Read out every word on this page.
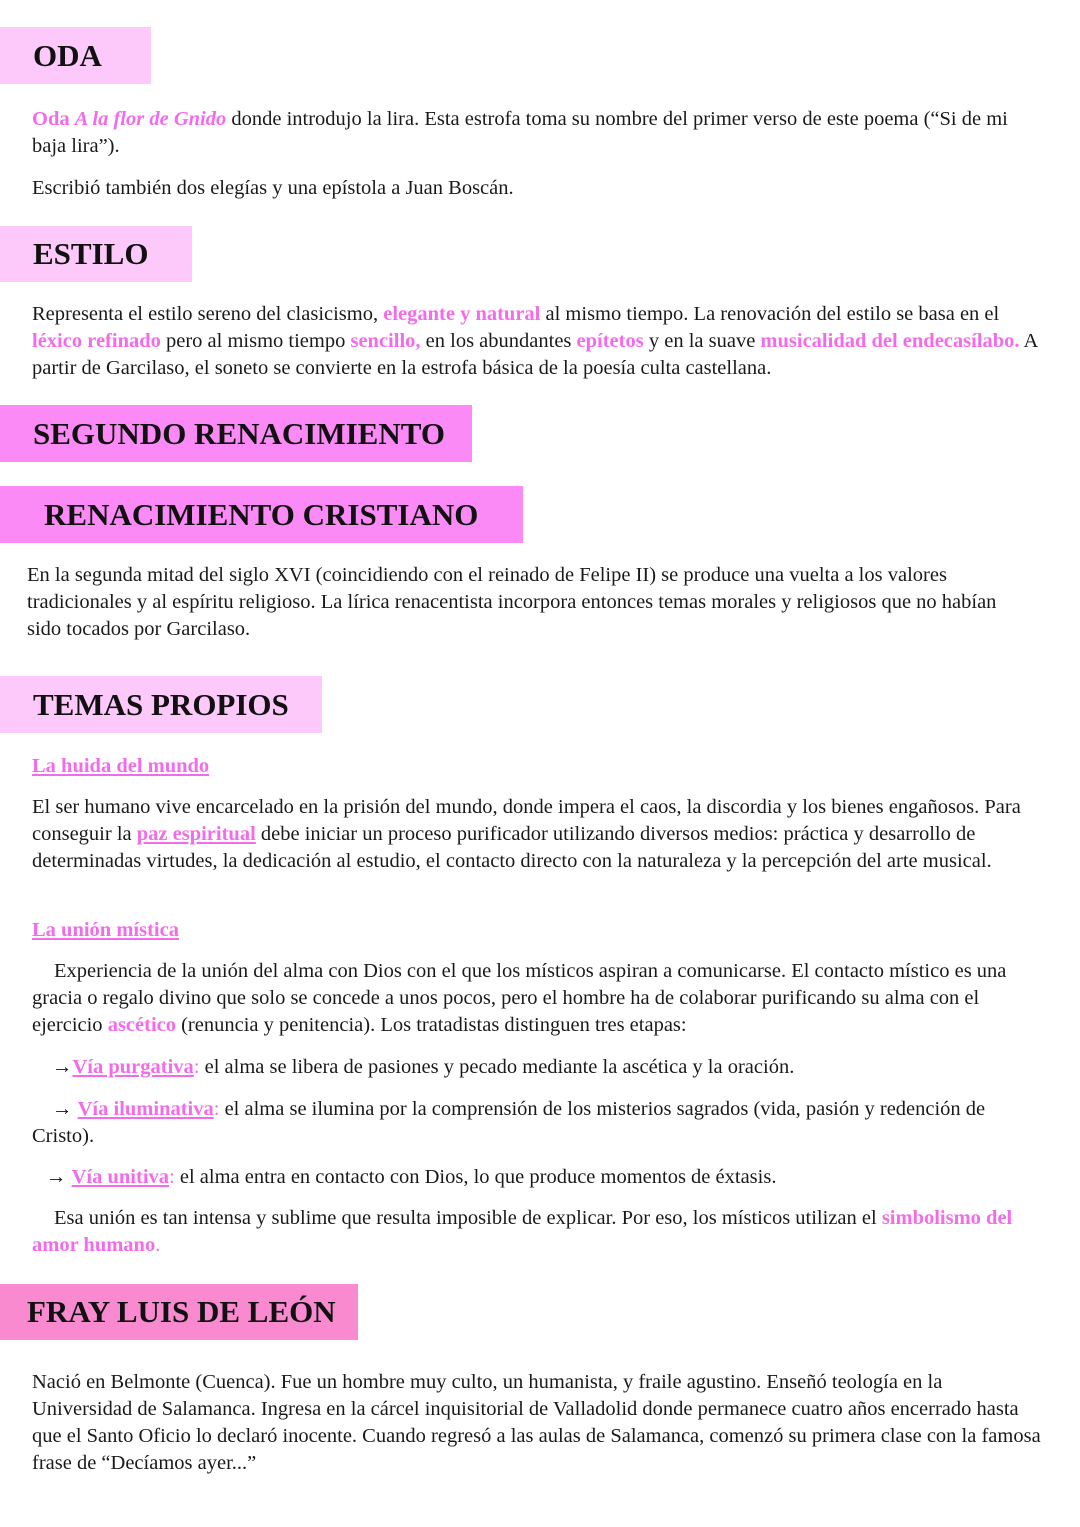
ODA

Oda A la flor de Gnido donde introdujo la lira. Esta estrofa toma su nombre del primer verso de este poema (“Si de mi baja lira”).

Escribió también dos elegías y una epístola a Juan Boscán.

ESTILO

Representa el estilo sereno del clasicismo, elegante y natural al mismo tiempo. La renovación del estilo se basa en el léxico refinado pero al mismo tiempo sencillo, en los abundantes epítetos y en la suave musicalidad del endecasílabo. A partir de Garcilaso, el soneto se convierte en la estrofa básica de la poesía culta castellana.

SEGUNDO RENACIMIENTO
RENACIMIENTO CRISTIANO

En la segunda mitad del siglo XVI (coincidiendo con el reinado de Felipe II) se produce una vuelta a los valores tradicionales y al espíritu religioso. La lírica renacentista incorpora entonces temas morales y religiosos que no habían sido tocados por Garcilaso.

TEMAS PROPIOS

La huida del mundo

El ser humano vive encarcelado en la prisión del mundo, donde impera el caos, la discordia y los bienes engañosos. Para conseguir la paz espiritual debe iniciar un proceso purificador utilizando diversos medios: práctica y desarrollo de determinadas virtudes, la dedicación al estudio, el contacto directo con la naturaleza y la percepción del arte musical.

La unión mística

Experiencia de la unión del alma con Dios con el que los místicos aspiran a comunicarse. El contacto místico es una gracia o regalo divino que solo se concede a unos pocos, pero el hombre ha de colaborar purificando su alma con el ejercicio ascético (renuncia y penitencia). Los tratadistas distinguen tres etapas:

→Vía purgativa: el alma se libera de pasiones y pecado mediante la ascética y la oración.

→ Vía iluminativa: el alma se ilumina por la comprensión de los misterios sagrados (vida, pasión y redención de Cristo).

→ Vía unitiva: el alma entra en contacto con Dios, lo que produce momentos de éxtasis.

Esa unión es tan intensa y sublime que resulta imposible de explicar. Por eso, los místicos utilizan el simbolismo del amor humano.

FRAY LUIS DE LEÓN

Nació en Belmonte (Cuenca). Fue un hombre muy culto, un humanista, y fraile agustino. Enseñó teología en la Universidad de Salamanca. Ingresa en la cárcel inquisitorial de Valladolid donde permanece cuatro años encerrado hasta que el Santo Oficio lo declaró inocente. Cuando regresó a las aulas de Salamanca, comenzó su primera clase con la famosa frase de “Decíamos ayer...”
